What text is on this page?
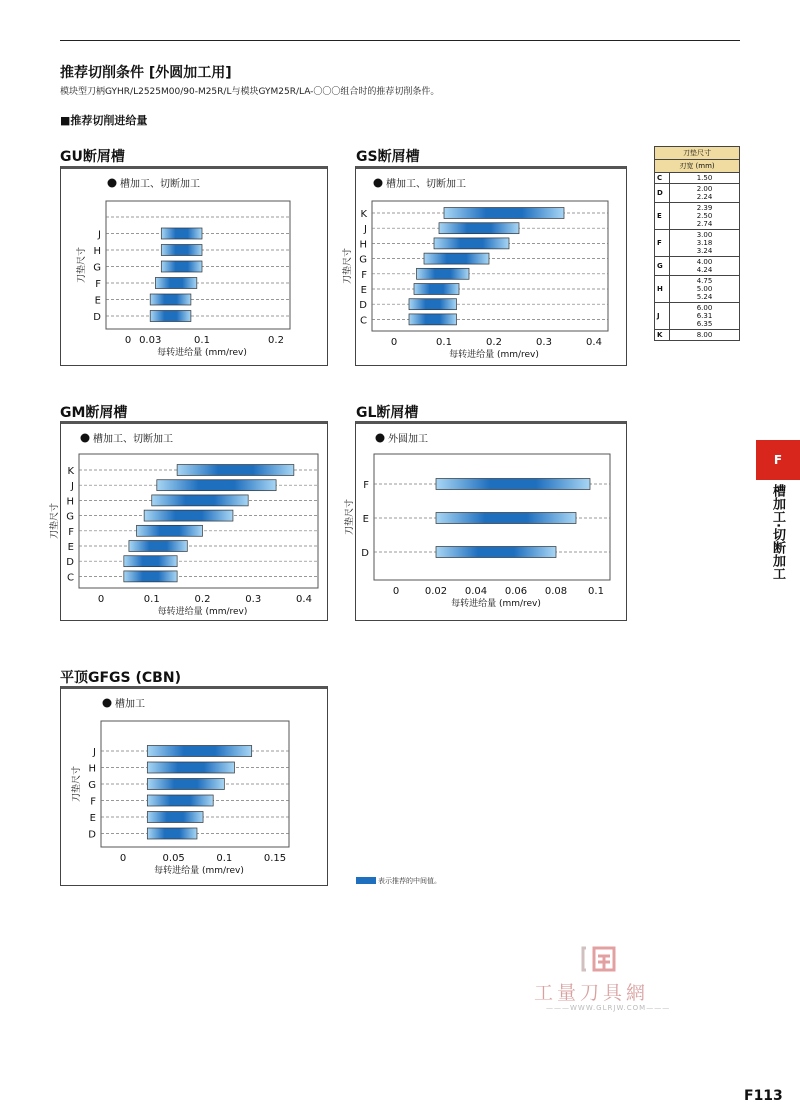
推荐切削条件 [外圆加工用]
模块型刀柄GYHR/L2525M00/90-M25R/L与模块GYM25R/LA-〇〇〇组合时的推荐切削条件。
■推荐切削进给量
GU断屑槽	GS断屑槽
GM断屑槽	GL断屑槽
平顶GFGS (CBN)
槽加工、切断加工
J
H
G
F
E
D
0 0.03	0.1	0.2
每转进给量 (mm/rev)
刀垫尺寸
槽加工、切断加工
K
J
H
G
F
E
D
C
0	0.1	0.2	0.3	0.4
每转进给量 (mm/rev)
刀垫尺寸
槽加工、切断加工
K
J
H
G
F
E
D
C
0	0.1	0.2	0.3	0.4
每转进给量 (mm/rev)
刀垫尺寸
外圆加工
F
E
D
0	0.02 0.04 0.06 0.08 0.1
每转进给量 (mm/rev)
刀垫尺寸
槽加工
J
H
G
F
E
D
0	0.05	0.1	0.15
每转进给量 (mm/rev)
刀垫尺寸
刀垫尺寸	
刃宽 (mm)	
C	1.50
D	2.00
2.24
E	2.39
2.50
2.74
F	3.00
3.18
3.24
G	4.00
4.24
H	4.75
5.00
5.24
J	6.00
6.31
6.35
K	8.00
F
槽加工·切断加工
表示推荐的中间值。
工量刀具網
———WWW.GLRJW.COM———
F113
